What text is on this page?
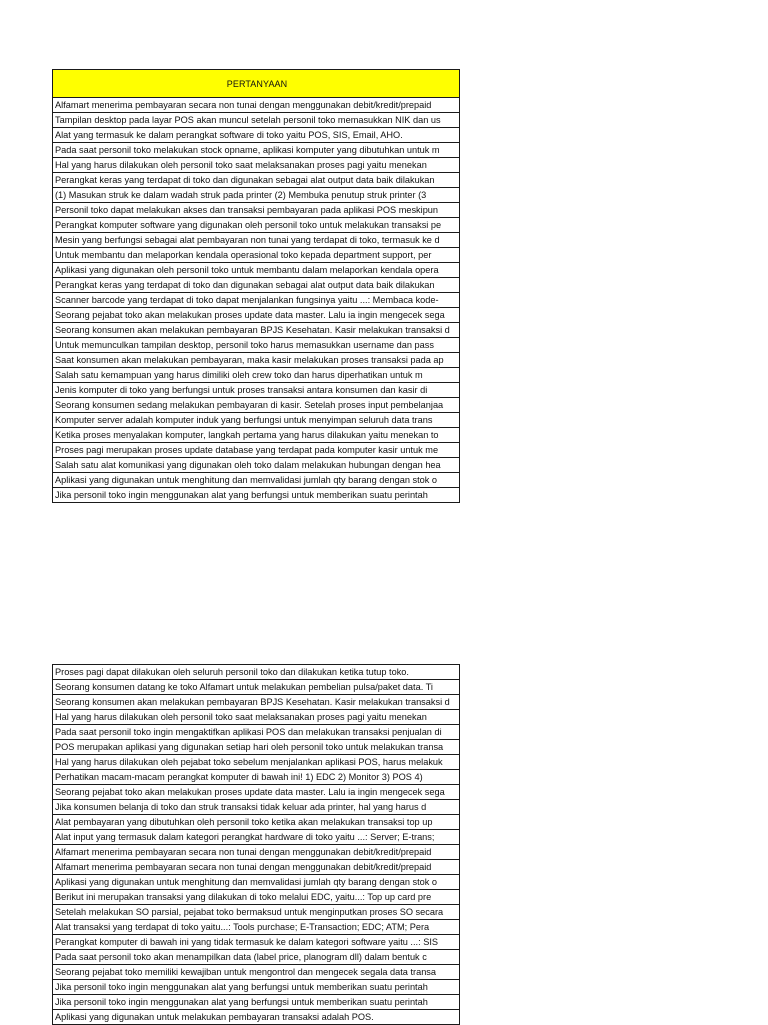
PERTANYAAN
Alfamart menerima pembayaran secara non tunai dengan menggunakan debit/kredit/prepaid
Tampilan desktop pada layar POS akan muncul setelah personil toko memasukkan NIK dan us
Alat yang termasuk ke dalam perangkat software di toko yaitu POS, SIS, Email, AHO.
Pada saat personil toko melakukan stock opname, aplikasi komputer yang dibutuhkan untuk m
Hal yang harus dilakukan oleh personil toko saat melaksanakan proses pagi yaitu menekan
Perangkat keras yang terdapat di toko dan digunakan sebagai alat output data baik dilakukan
(1) Masukan struk ke dalam wadah struk pada printer (2) Membuka penutup struk printer (3
Personil toko dapat melakukan akses dan transaksi pembayaran pada aplikasi POS meskipun
Perangkat komputer software yang digunakan oleh personil toko untuk melakukan transaksi pe
Mesin yang berfungsi sebagai alat pembayaran non tunai yang terdapat di toko, termasuk ke d
Untuk membantu dan melaporkan kendala operasional toko kepada department support, per
Aplikasi yang digunakan oleh personil toko untuk membantu dalam melaporkan kendala opera
Perangkat keras yang terdapat di toko dan digunakan sebagai alat output data baik dilakukan
Scanner barcode yang terdapat di toko dapat menjalankan fungsinya yaitu ...: Membaca kode-
Seorang pejabat toko akan melakukan proses update data master. Lalu ia ingin mengecek sega
Seorang konsumen akan melakukan pembayaran BPJS Kesehatan. Kasir melakukan transaksi d
Untuk memunculkan tampilan desktop, personil toko harus memasukkan username dan pass
Saat konsumen akan melakukan pembayaran, maka kasir melakukan proses transaksi pada ap
Salah satu kemampuan yang harus dimiliki oleh crew toko dan harus diperhatikan untuk m
Jenis komputer di toko yang berfungsi untuk proses transaksi antara konsumen dan kasir di
Seorang konsumen sedang melakukan pembayaran di kasir. Setelah proses input pembelanjaa
Komputer server adalah komputer induk yang berfungsi untuk menyimpan seluruh data trans
Ketika proses menyalakan komputer, langkah pertama yang harus dilakukan yaitu menekan to
Proses pagi merupakan proses update database yang terdapat pada komputer kasir untuk me
Salah satu alat komunikasi yang digunakan oleh toko dalam melakukan hubungan dengan hea
Aplikasi yang digunakan untuk menghitung dan memvalidasi jumlah qty barang dengan stok o
Jika personil toko ingin menggunakan alat yang berfungsi untuk memberikan suatu perintah
Proses pagi dapat dilakukan oleh seluruh personil toko dan dilakukan ketika tutup toko.
Seorang konsumen datang ke toko Alfamart untuk melakukan pembelian pulsa/paket data. Ti
Seorang konsumen akan melakukan pembayaran BPJS Kesehatan. Kasir melakukan transaksi d
Hal yang harus dilakukan oleh personil toko saat melaksanakan proses pagi yaitu menekan
Pada saat personil toko ingin mengaktifkan aplikasi POS dan melakukan transaksi penjualan di
POS merupakan aplikasi yang digunakan setiap hari oleh personil toko untuk melakukan transa
Hal yang harus dilakukan oleh pejabat toko sebelum menjalankan aplikasi POS, harus melakuk
Perhatikan macam-macam perangkat komputer di bawah ini! 1) EDC 2) Monitor 3) POS 4)
Seorang pejabat toko akan melakukan proses update data master. Lalu ia ingin mengecek sega
Jika konsumen belanja di toko dan struk transaksi tidak keluar ada printer, hal yang harus d
Alat pembayaran yang dibutuhkan oleh personil toko ketika akan melakukan transaksi top up
Alat input yang termasuk dalam kategori perangkat hardware di toko yaitu ...: Server; E-trans;
Alfamart menerima pembayaran secara non tunai dengan menggunakan debit/kredit/prepaid
Alfamart menerima pembayaran secara non tunai dengan menggunakan debit/kredit/prepaid
Aplikasi yang digunakan untuk menghitung dan memvalidasi jumlah qty barang dengan stok o
Berikut ini merupakan transaksi yang dilakukan di toko melalui EDC, yaitu...: Top up card pre
Setelah melakukan SO parsial, pejabat toko bermaksud untuk menginputkan proses SO secara
Alat transaksi yang terdapat di toko yaitu...: Tools purchase; E-Transaction; EDC; ATM; Pera
Perangkat komputer di bawah ini yang tidak termasuk ke dalam kategori software yaitu ...: SIS
Pada saat personil toko akan menampilkan data (label price, planogram dll) dalam bentuk c
Seorang pejabat toko memiliki kewajiban untuk mengontrol dan mengecek segala data transa
Jika personil toko ingin menggunakan alat yang berfungsi untuk memberikan suatu perintah
Jika personil toko ingin menggunakan alat yang berfungsi untuk memberikan suatu perintah
Aplikasi yang digunakan untuk melakukan pembayaran transaksi adalah POS.
